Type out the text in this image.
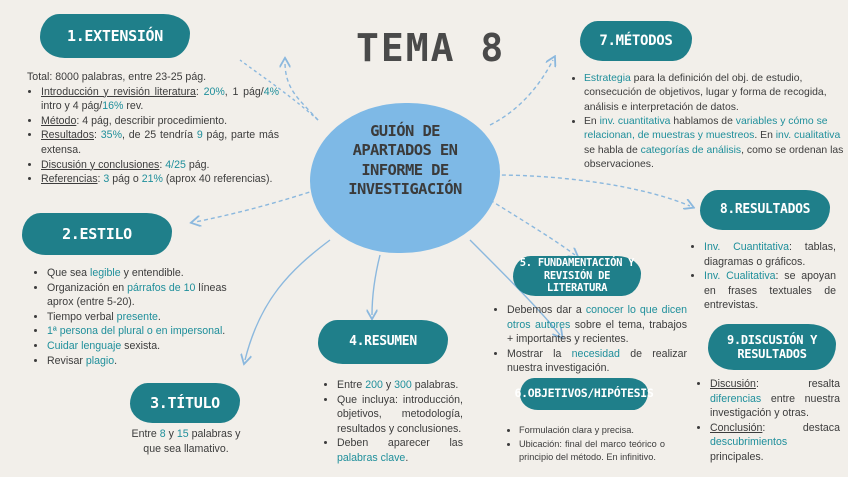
TEMA 8
GUIÓN DE
APARTADOS EN
INFORME DE
INVESTIGACIÓN
1.EXTENSIÓN
Total: 8000 palabras, entre 23-25 pág.
• Introducción y revisión literatura: 20%, 1 pág/4% intro y 4 pág/16% rev.
• Método: 4 pág, describir procedimiento.
• Resultados: 35%, de 25 tendría 9 pág, parte más extensa.
• Discusión y conclusiones: 4/25 pág.
• Referencias: 3 pág o 21% (aprox 40 referencias).
2.ESTILO
• Que sea legible y entendible.
• Organización en párrafos de 10 líneas aprox (entre 5-20).
• Tiempo verbal presente.
• 1ª persona del plural o en impersonal.
• Cuidar lenguaje sexista.
• Revisar plagio.
3.TÍTULO
Entre 8 y 15 palabras y que sea llamativo.
4.RESUMEN
• Entre 200 y 300 palabras.
• Que incluya: introducción, objetivos, metodología, resultados y conclusiones.
• Deben aparecer las palabras clave.
5. FUNDAMENTACIÓN Y REVISIÓN DE LITERATURA
• Debemos dar a conocer lo que dicen otros autores sobre el tema, trabajos + importantes y recientes.
• Mostrar la necesidad de realizar nuestra investigación.
6.OBJETIVOS/HIPÓTESIS
• Formulación clara y precisa.
• Ubicación: final del marco teórico o principio del método. En infinitivo.
7.MÉTODOS
• Estrategia para la definición del obj. de estudio, consecución de objetivos, lugar y forma de recogida, análisis e interpretación de datos.
• En inv. cuantitativa hablamos de variables y cómo se relacionan, de muestras y muestreos. En inv. cualitativa se habla de categorías de análisis, como se ordenan las observaciones.
8.RESULTADOS
• Inv. Cuantitativa: tablas, diagramas o gráficos.
• Inv. Cualitativa: se apoyan en frases textuales de entrevistas.
9.DISCUSIÓN Y RESULTADOS
• Discusión: resalta diferencias entre nuestra investigación y otras.
• Conclusión: destaca descubrimientos principales.
